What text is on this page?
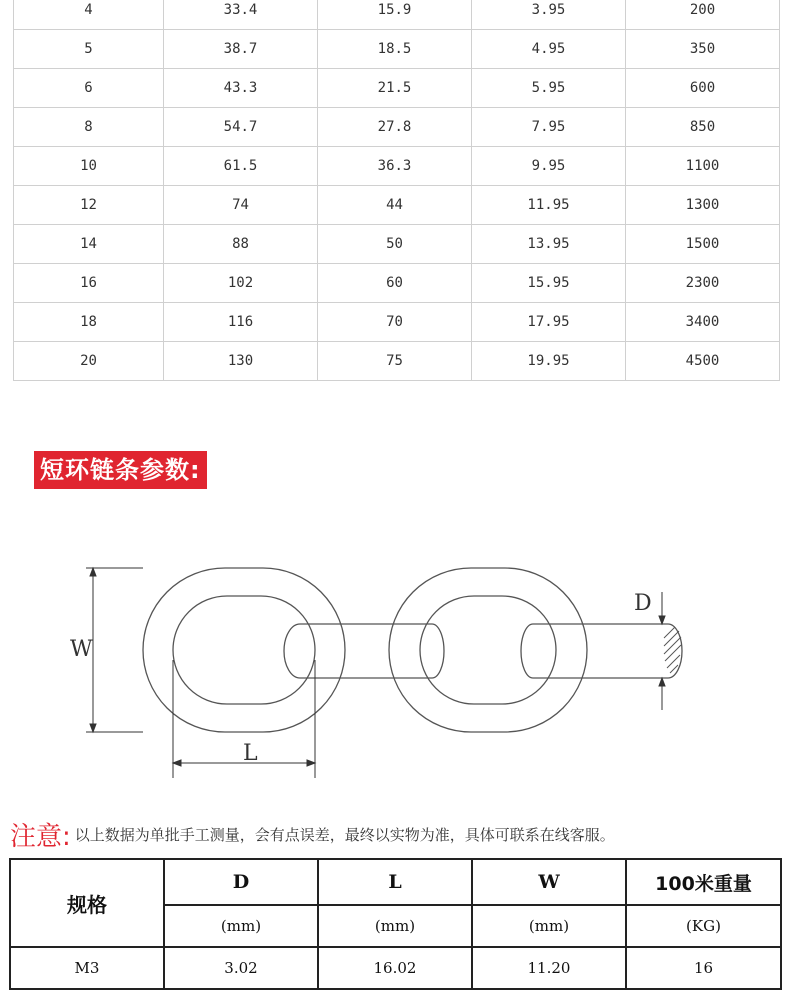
4	33.4	15.9	3.95	200
5	38.7	18.5	4.95	350
6	43.3	21.5	5.95	600
8	54.7	27.8	7.95	850
10	61.5	36.3	9.95	1100
12	74	44	11.95	1300
14	88	50	13.95	1500
16	102	60	15.95	2300
18	116	70	17.95	3400
20	130	75	19.95	4500
短环链条参数:
W
L
D
注意: 以上数据为单批手工测量，会有点误差，最终以实物为准，具体可联系在线客服。
规格	D	L	W	100米重量
	(mm)	(mm)	(mm)	(KG)
M3	3.02	16.02	11.20	16
